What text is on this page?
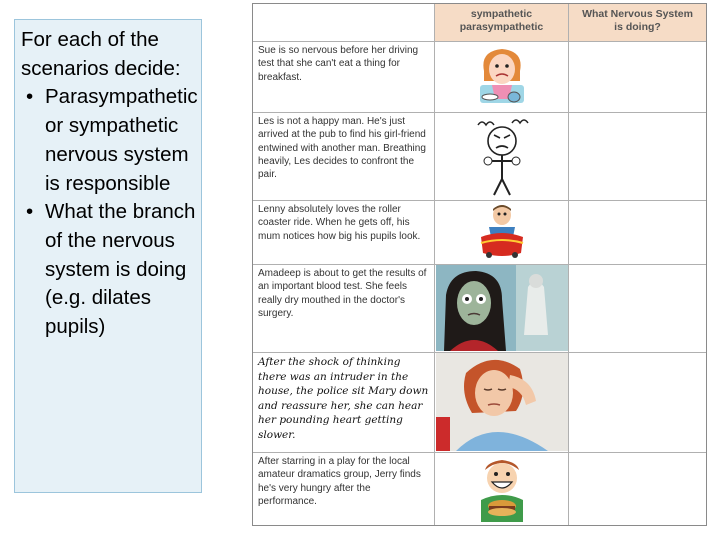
For each of the scenarios decide:

• Parasympathetic or sympathetic nervous system is responsible
• What the branch of the nervous system is doing (e.g. dilates pupils)
sympathetic
parasympathetic
What Nervous System
is doing?
Sue is so nervous before her driving test that she can't eat a thing for breakfast.
Les is not a happy man. He's just arrived at the pub to find his girl-friend entwined with another man. Breathing heavily, Les decides to confront the pair.
Lenny absolutely loves the roller coaster ride. When he gets off, his mum notices how big his pupils look.
Amadeep is about to get the results of an important blood test. She feels really dry mouthed in the doctor's surgery.
After the shock of thinking there was an intruder in the house, the police sit Mary down and reassure her, she can hear her pounding heart getting slower.
After starring in a play for the local amateur dramatics group, Jerry finds he's very hungry after the performance.
